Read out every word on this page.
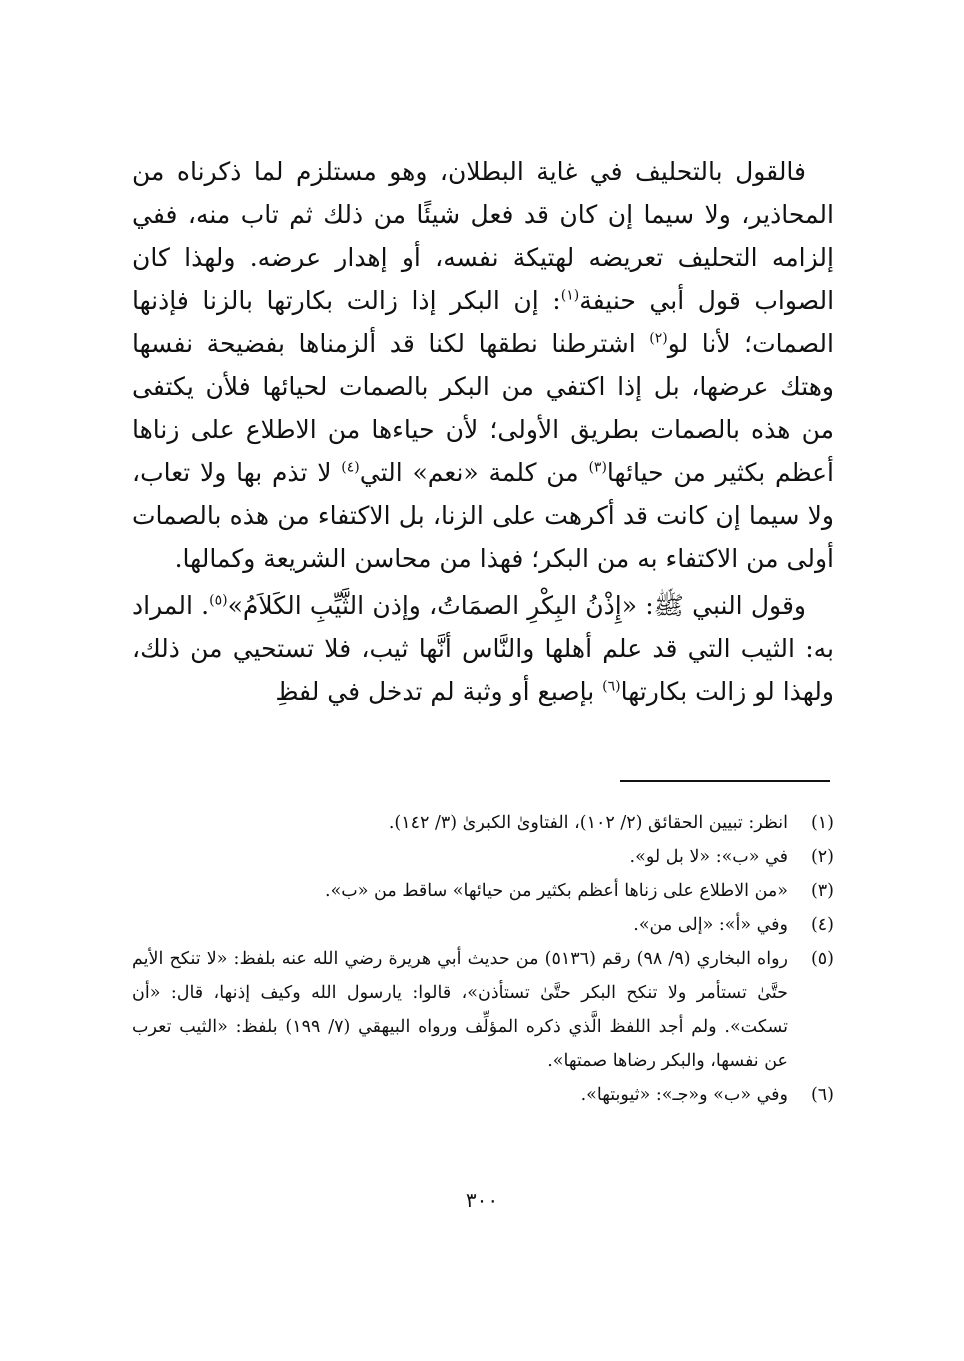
فالقول بالتحليف في غاية البطلان، وهو مستلزم لما ذكرناه من المحاذير، ولا سيما إن كان قد فعل شيئًا من ذلك ثم تاب منه، ففي إلزامه التحليف تعريضه لهتيكة نفسه، أو إهدار عرضه. ولهذا كان الصواب قول أبي حنيفة$^{(١)}$: إن البكر إذا زالت بكارتها بالزنا فإذنها الصمات؛ لأنا لو$^{(٢)}$ اشترطنا نطقها لكنا قد ألزمناها بفضيحة نفسها وهتك عرضها، بل إذا اكتفي من البكر بالصمات لحيائها فلأن يكتفى من هذه بالصمات بطريق الأولى؛ لأن حياءها من الاطلاع على زناها أعظم بكثير من حيائها$^{(٣)}$ من كلمة «نعم» التي$^{(٤)}$ لا تذم بها ولا تعاب، ولا سيما إن كانت قد أكرهت على الزنا، بل الاكتفاء من هذه بالصمات أولى من الاكتفاء به من البكر؛ فهذا من محاسن الشريعة وكمالها.

وقول النبي ﷺ: «إِذْنُ البِكْرِ الصمَاتُ، وإذن الثَّيِّبِ الكَلاَمُ»$^{(٥)}$. المراد به: الثيب التي قد علم أهلها والنَّاس أنَّها ثيب، فلا تستحيي من ذلك، ولهذا لو زالت بكارتها$^{(٦)}$ بإصبع أو وثبة لم تدخل في لفظِ

(١)
انظر: تبيين الحقائق (٢/ ١٠٢)، الفتاوىٰ الكبرىٰ (٣/ ١٤٢).
(٢)
في «ب»: «لا بل لو».
(٣)
«من الاطلاع على زناها أعظم بكثير من حيائها» ساقط من «ب».
(٤)
وفي «أ»: «إلى من».
(٥)
رواه البخاري (٩/ ٩٨) رقم (٥١٣٦) من حديث أبي هريرة رضي الله عنه بلفظ: «لا تنكح الأيم حتَّىٰ تستأمر ولا تنكح البكر حتَّىٰ تستأذن»، قالوا: يارسول الله وكيف إذنها، قال: «أن تسكت». ولم أجد اللفظ الَّذي ذكره المؤلِّف ورواه البيهقي (٧/ ١٩٩) بلفظ: «الثيب تعرب عن نفسها، والبكر رضاها صمتها».
(٦)
وفي «ب» و«جـ»: «ثيوبتها».
٣٠٠
